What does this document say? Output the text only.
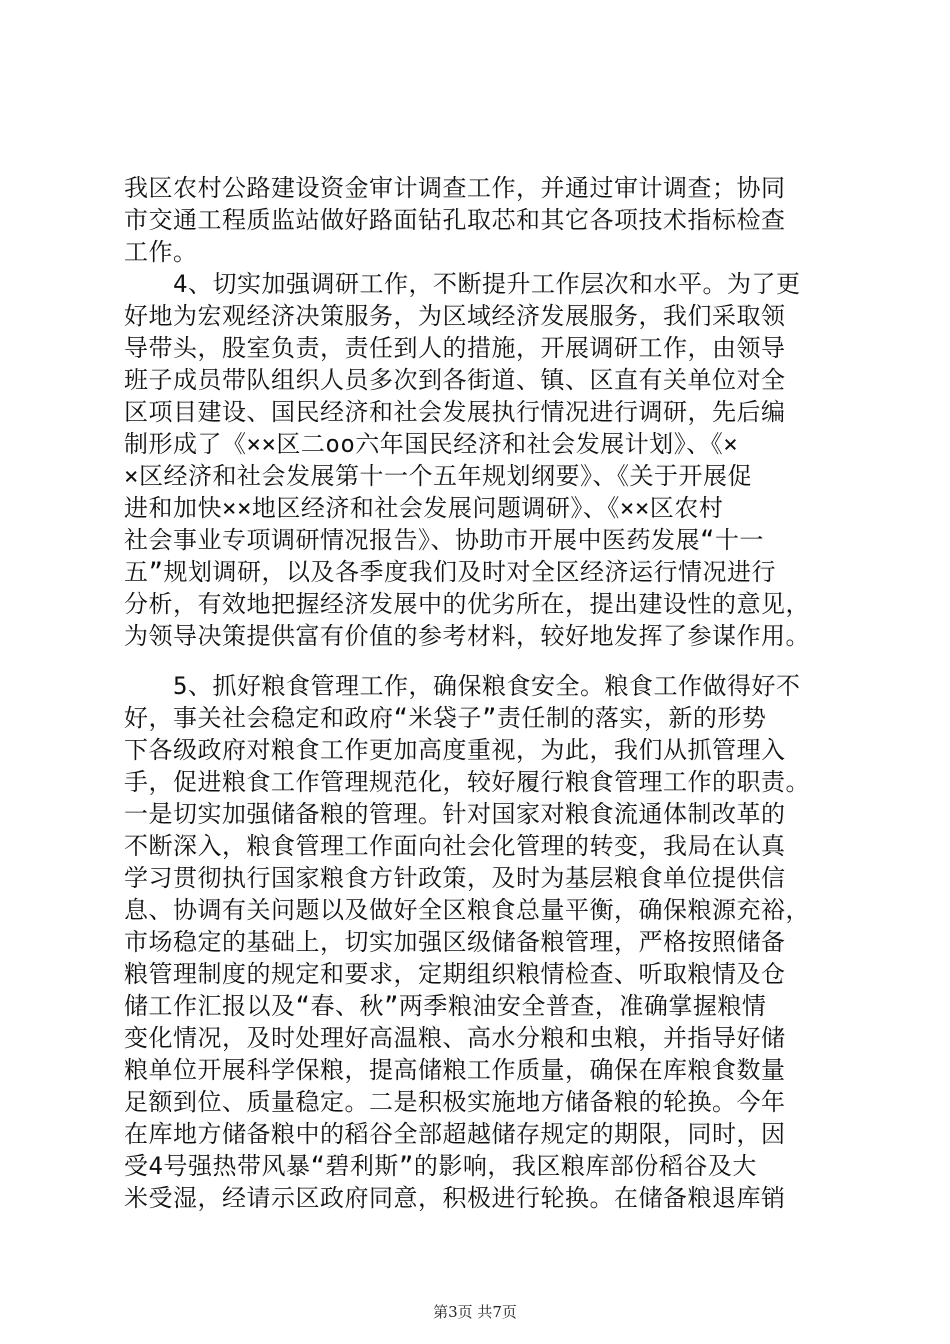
我区农村公路建设资金审计调查工作，并通过审计调查；协同
市交通工程质监站做好路面钻孔取芯和其它各项技术指标检查
工作。
　　4、切实加强调研工作，不断提升工作层次和水平。为了更
好地为宏观经济决策服务，为区域经济发展服务，我们采取领
导带头，股室负责，责任到人的措施，开展调研工作，由领导
班子成员带队组织人员多次到各街道、镇、区直有关单位对全
区项目建设、国民经济和社会发展执行情况进行调研，先后编
制形成了《××区二oo六年国民经济和社会发展计划》、《×
×区经济和社会发展第十一个五年规划纲要》、《关于开展促
进和加快××地区经济和社会发展问题调研》、《××区农村
社会事业专项调研情况报告》、协助市开展中医药发展“十一
五”规划调研，以及各季度我们及时对全区经济运行情况进行
分析，有效地把握经济发展中的优劣所在，提出建设性的意见，
为领导决策提供富有价值的参考材料，较好地发挥了参谋作用。
　　5、抓好粮食管理工作，确保粮食安全。粮食工作做得好不
好，事关社会稳定和政府“米袋子”责任制的落实，新的形势
下各级政府对粮食工作更加高度重视，为此，我们从抓管理入
手，促进粮食工作管理规范化，较好履行粮食管理工作的职责。
一是切实加强储备粮的管理。针对国家对粮食流通体制改革的
不断深入，粮食管理工作面向社会化管理的转变，我局在认真
学习贯彻执行国家粮食方针政策，及时为基层粮食单位提供信
息、协调有关问题以及做好全区粮食总量平衡，确保粮源充裕，
市场稳定的基础上，切实加强区级储备粮管理，严格按照储备
粮管理制度的规定和要求，定期组织粮情检查、听取粮情及仓
储工作汇报以及“春、秋”两季粮油安全普查，准确掌握粮情
变化情况，及时处理好高温粮、高水分粮和虫粮，并指导好储
粮单位开展科学保粮，提高储粮工作质量，确保在库粮食数量
足额到位、质量稳定。二是积极实施地方储备粮的轮换。今年
在库地方储备粮中的稻谷全部超越储存规定的期限，同时，因
受4号强热带风暴“碧利斯”的影响，我区粮库部份稻谷及大
米受湿，经请示区政府同意，积极进行轮换。在储备粮退库销
第3页 共7页
